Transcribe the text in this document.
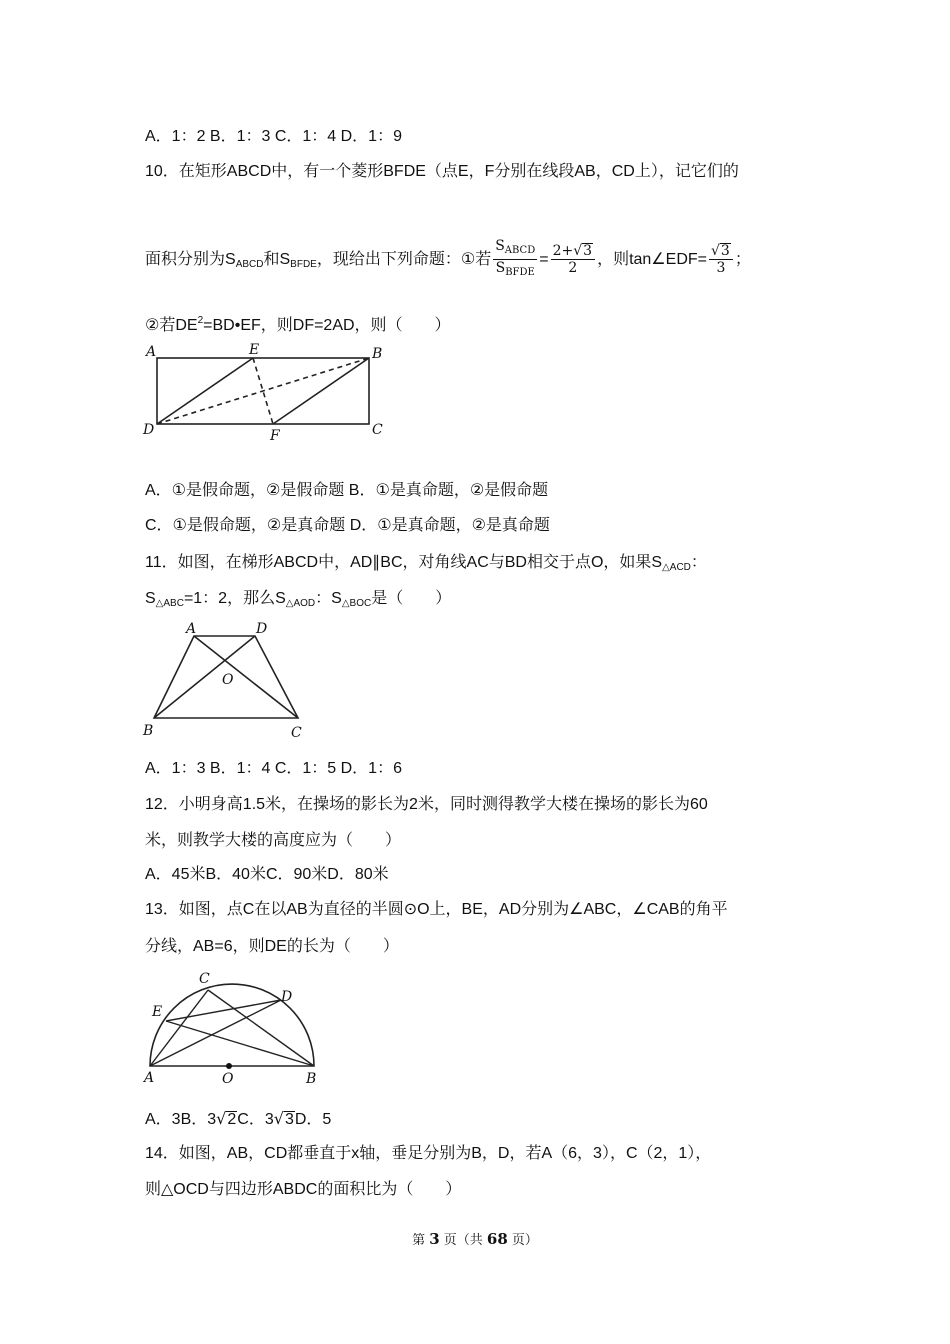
A．1：2 B．1：3 C．1：4 D．1：9
10．在矩形ABCD中，有一个菱形BFDE（点E，F分别在线段AB，CD上），记它们的
面积分别为$S_{ABCD}$和$S_{BFDE}$，现给出下列命题：①若 $\frac{S_{ABCD}}{S_{BFDE}} = \frac{2+√3}{2}$ ，则tan∠EDF= $\frac{√3}{3}$ ；
②若$DE^2=BD•EF$，则DF=2AD，则（　　）
A	E	B
D	F	C
A．①是假命题，②是假命题 B．①是真命题，②是假命题
C．①是假命题，②是真命题 D．①是真命题，②是真命题
11．如图，在梯形ABCD中，AD∥BC，对角线AC与BD相交于点O，如果$S_{\triangle ACD}$：
$S_{\triangle ABC}=1$：2，那么$S_{\triangle AOD}$：$S_{\triangle BOC}$是（　　）
A	D
O
B	C
A．1：3 B．1：4 C．1：5 D．1：6
12．小明身高1.5米，在操场的影长为2米，同时测得教学大楼在操场的影长为60
米，则教学大楼的高度应为（　　）
A．45米B．40米C．90米D．80米
13．如图，点C在以AB为直径的半圆⊙O上，BE，AD分别为∠ABC，∠CAB的角平
分线，AB=6，则DE的长为（　　）
C
D
E
A	O	B
A．3B．3√2C．3√3D．5
14．如图，AB，CD都垂直于x轴，垂足分别为B，D，若A（6，3），C（2，1），
则△OCD与四边形ABDC的面积比为（　　）
第 3 页（共 68 页）
